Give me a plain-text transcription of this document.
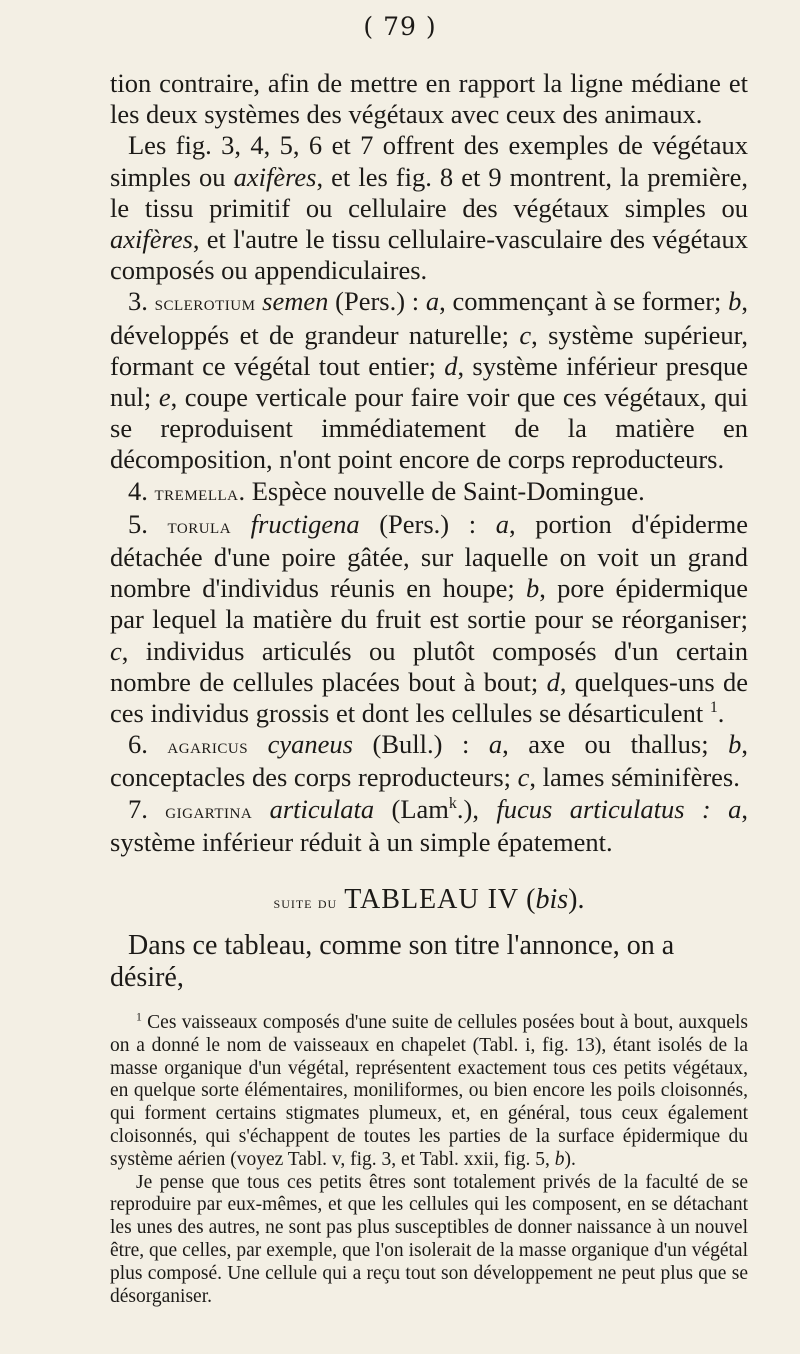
( 79 )

tion contraire, afin de mettre en rapport la ligne médiane et les deux systèmes des végétaux avec ceux des animaux.

Les fig. 3, 4, 5, 6 et 7 offrent des exemples de végétaux simples ou axifères, et les fig. 8 et 9 montrent, la première, le tissu primitif ou cellulaire des végétaux simples ou axifères, et l'autre le tissu cellulaire-vasculaire des végétaux composés ou appendiculaires.

3. sclerotium semen (Pers.) : a, commençant à se former; b, développés et de grandeur naturelle; c, système supérieur, formant ce végétal tout entier; d, système inférieur presque nul; e, coupe verticale pour faire voir que ces végétaux, qui se reproduisent immédiatement de la matière en décomposition, n'ont point encore de corps reproducteurs.

4. tremella. Espèce nouvelle de Saint-Domingue.

5. torula fructigena (Pers.) : a, portion d'épiderme détachée d'une poire gâtée, sur laquelle on voit un grand nombre d'individus réunis en houpe; b, pore épidermique par lequel la matière du fruit est sortie pour se réorganiser; c, individus articulés ou plutôt composés d'un certain nombre de cellules placées bout à bout; d, quelques-uns de ces individus grossis et dont les cellules se désarticulent $^1$.

6. agaricus cyaneus (Bull.) : a, axe ou thallus; b, conceptacles des corps reproducteurs; c, lames séminifères.

7. gigartina articulata (Lam$^k$.), fucus articulatus : a, système inférieur réduit à un simple épatement.

suite du TABLEAU IV (bis).

Dans ce tableau, comme son titre l'annonce, on a désiré,

$^1$ Ces vaisseaux composés d'une suite de cellules posées bout à bout, auxquels on a donné le nom de vaisseaux en chapelet (Tabl. i, fig. 13), étant isolés de la masse organique d'un végétal, représentent exactement tous ces petits végétaux, en quelque sorte élémentaires, moniliformes, ou bien encore les poils cloisonnés, qui forment certains stigmates plumeux, et, en général, tous ceux également cloisonnés, qui s'échappent de toutes les parties de la surface épidermique du système aérien (voyez Tabl. v, fig. 3, et Tabl. xxii, fig. 5, b).

Je pense que tous ces petits êtres sont totalement privés de la faculté de se reproduire par eux-mêmes, et que les cellules qui les composent, en se détachant les unes des autres, ne sont pas plus susceptibles de donner naissance à un nouvel être, que celles, par exemple, que l'on isolerait de la masse organique d'un végétal plus composé. Une cellule qui a reçu tout son développement ne peut plus que se désorganiser.
